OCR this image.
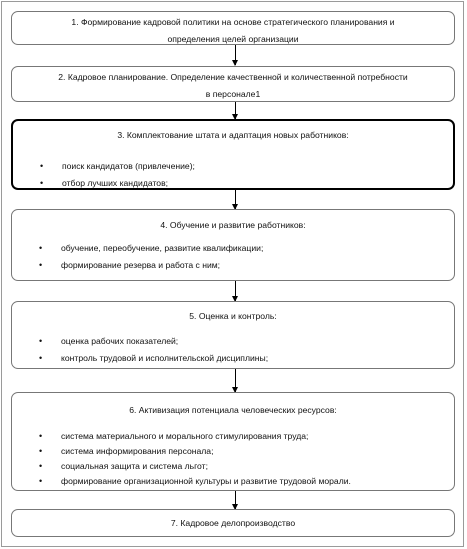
1. Формирование кадровой политики на основе стратегического планирования и
определения целей организации
2. Кадровое планирование. Определение качественной и количественной потребности
в персонале1
3. Комплектование штата и адаптация новых работников:
• поиск кандидатов (привлечение);
• отбор лучших кандидатов;
4. Обучение и развитие работников:
• обучение, переобучение, развитие квалификации;
• формирование резерва и работа с ним;
5. Оценка и контроль:
• оценка рабочих показателей;
• контроль трудовой и исполнительской дисциплины;
6. Активизация потенциала человеческих ресурсов:
• система материального и морального стимулирования труда;
• система информирования персонала;
• социальная защита и система льгот;
• формирование организационной культуры и развитие трудовой морали.
7. Кадровое делопроизводство
